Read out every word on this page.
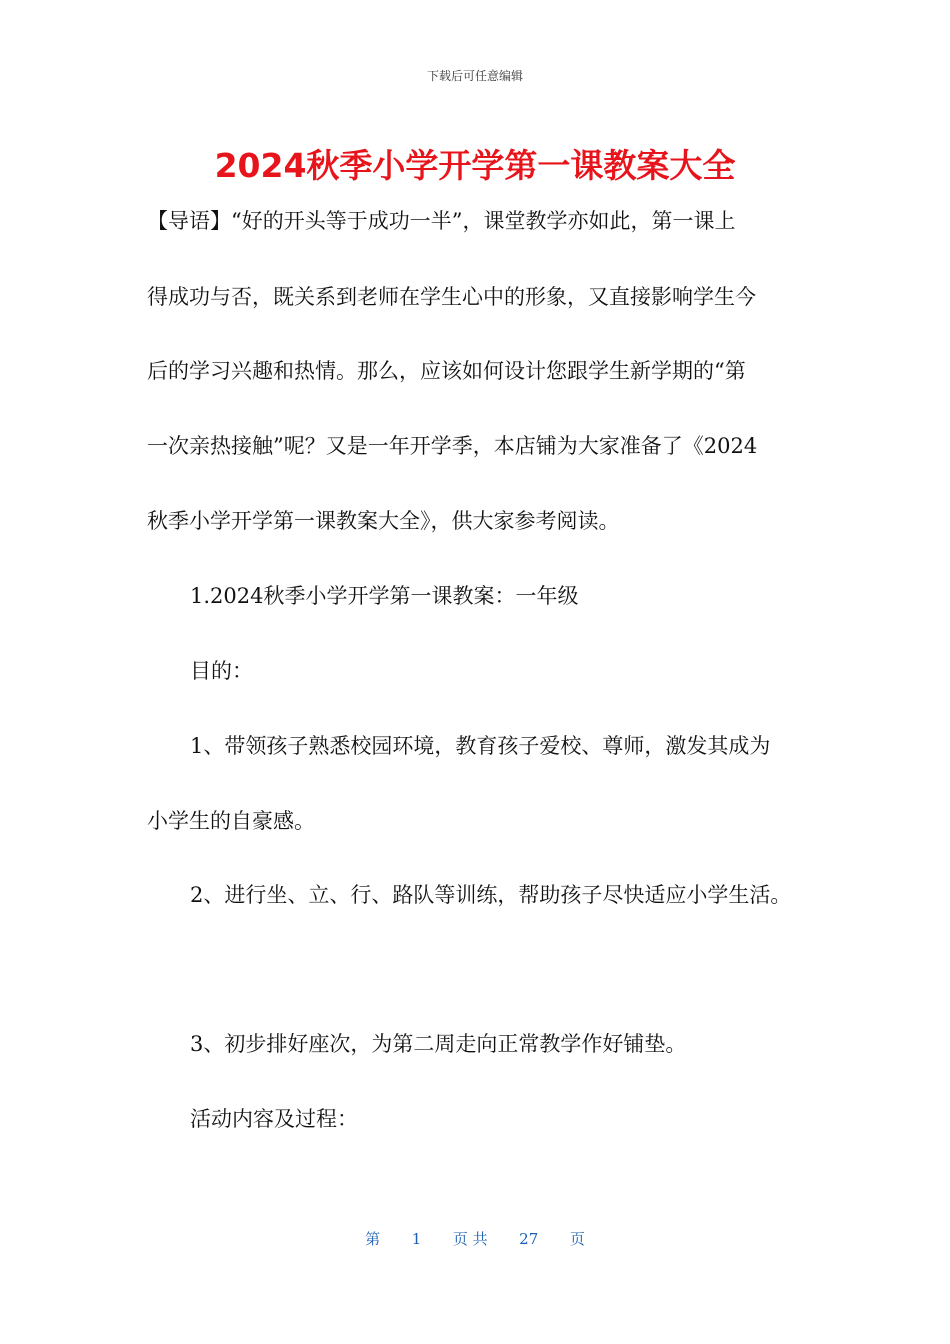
下载后可任意编辑
2024秋季小学开学第一课教案大全
【导语】“好的开头等于成功一半”，课堂教学亦如此，第一课上
得成功与否，既关系到老师在学生心中的形象，又直接影响学生今
后的学习兴趣和热情。那么，应该如何设计您跟学生新学期的“第
一次亲热接触”呢？又是一年开学季，本店铺为大家准备了《2024
秋季小学开学第一课教案大全》，供大家参考阅读。
1.2024秋季小学开学第一课教案：一年级
目的：
1、带领孩子熟悉校园环境，教育孩子爱校、尊师，激发其成为
小学生的自豪感。
2、进行坐、立、行、路队等训练，帮助孩子尽快适应小学生活。
3、初步排好座次，为第二周走向正常教学作好铺垫。
活动内容及过程：
第 1 页 共 27 页
